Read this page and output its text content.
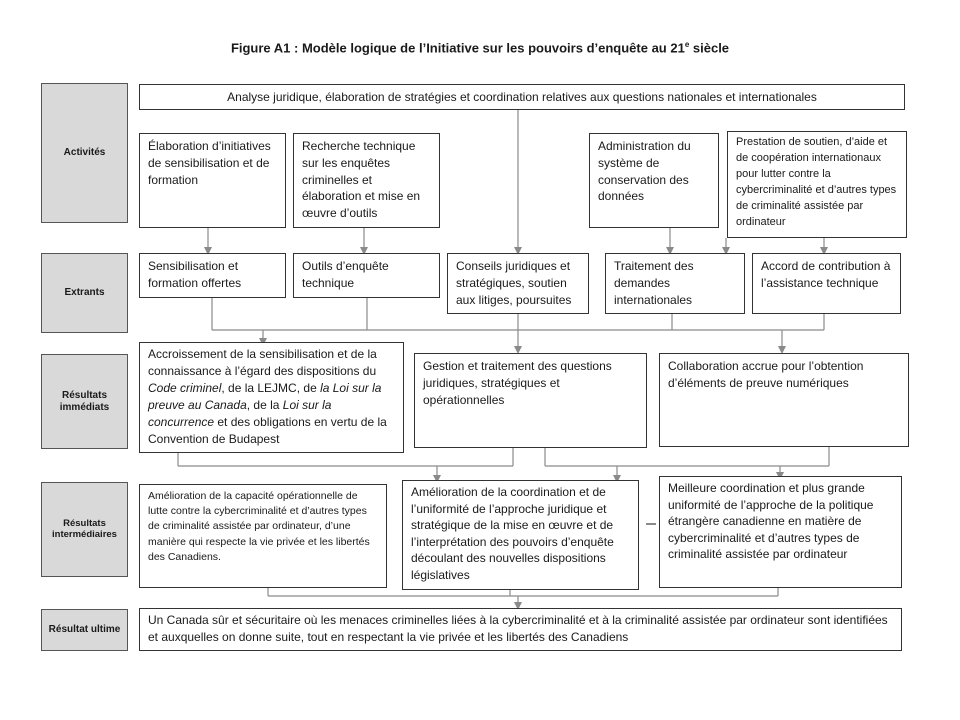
Figure A1 : Modèle logique de l’Initiative sur les pouvoirs d’enquête au 21e siècle
Activités
Extrants
Résultats immédiats
Résultats intermédiaires
Résultat ultime
Analyse juridique, élaboration de stratégies et coordination relatives aux questions nationales et internationales
Élaboration d’initiatives de sensibilisation et de formation
Recherche technique sur les enquêtes criminelles et élaboration et mise en œuvre d’outils
Administration du système de conservation des données
Prestation de soutien, d’aide et de coopération internationaux pour lutter contre la cybercriminalité et d’autres types de criminalité assistée par ordinateur
Sensibilisation et formation offertes
Outils d’enquête technique
Conseils juridiques et stratégiques, soutien aux litiges, poursuites
Traitement des demandes internationales
Accord de contribution à l’assistance technique
Accroissement de la sensibilisation et de la connaissance à l’égard des dispositions du Code criminel, de la LEJMC, de la Loi sur la preuve au Canada, de la Loi sur la concurrence et des obligations en vertu de la Convention de Budapest
Gestion et traitement des questions juridiques, stratégiques et opérationnelles
Collaboration accrue pour l’obtention d’éléments de preuve numériques
Amélioration de la capacité opérationnelle de lutte contre la cybercriminalité et d’autres types de criminalité assistée par ordinateur, d’une manière qui respecte la vie privée et les libertés des Canadiens.
Amélioration de la coordination et de l’uniformité de l’approche juridique et stratégique de la mise en œuvre et de l’interprétation des pouvoirs d’enquête découlant des nouvelles dispositions législatives
Meilleure coordination et plus grande uniformité de l’approche de la politique étrangère canadienne en matière de cybercriminalité et d’autres types de criminalité assistée par ordinateur
Un Canada sûr et sécuritaire où les menaces criminelles liées à la cybercriminalité et à la criminalité assistée par ordinateur sont identifiées et auxquelles on donne suite, tout en respectant la vie privée et les libertés des Canadiens
